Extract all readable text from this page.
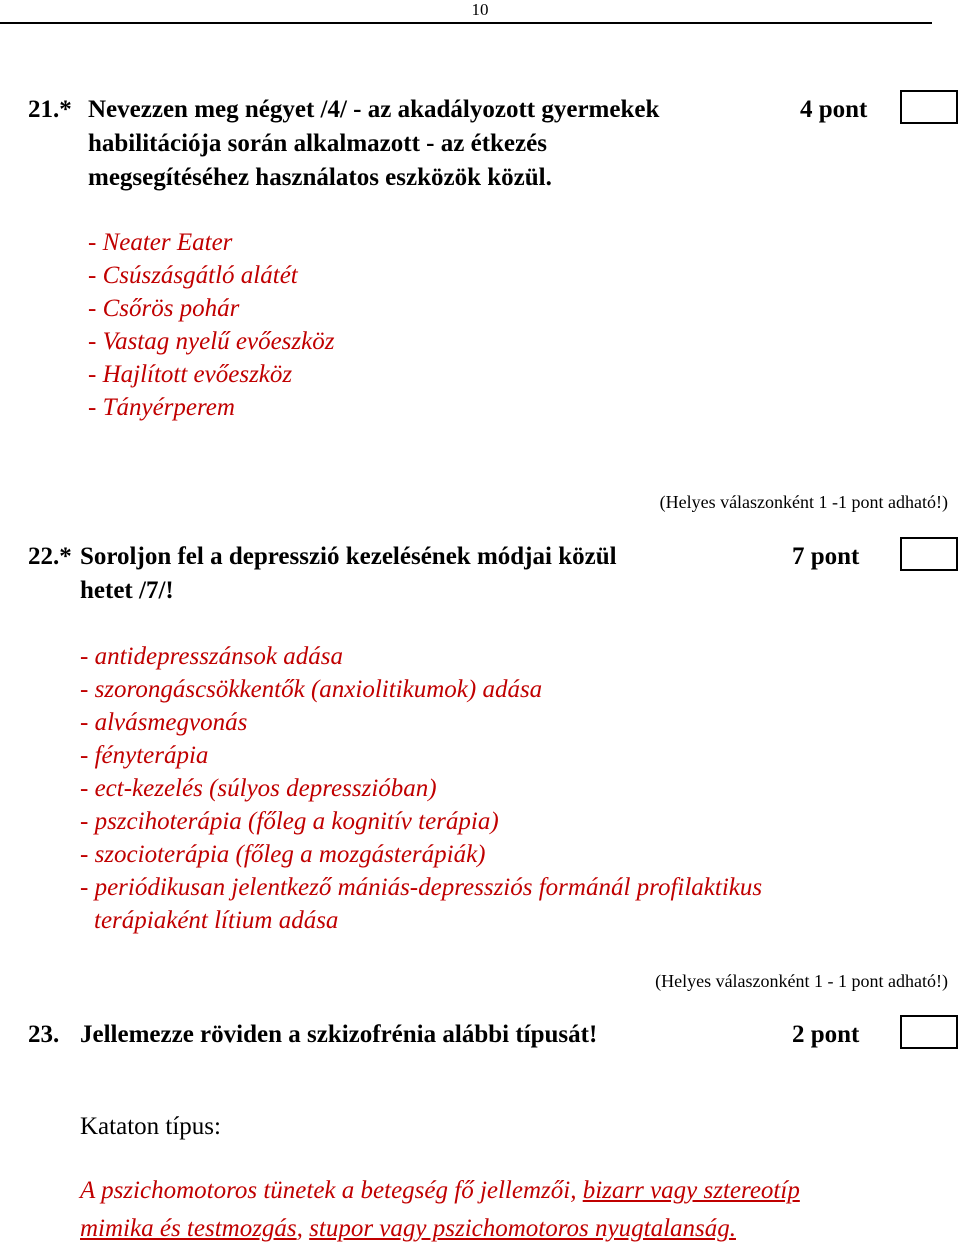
10
21.* Nevezzen meg négyet /4/ - az akadályozott gyermekek
habilitációja során alkalmazott - az étkezés
megsegítéséhez használatos eszközök közül.
4 pont
- Neater Eater
- Csúszásgátló alátét
- Csőrös pohár
- Vastag nyelű evőeszköz
- Hajlított evőeszköz
- Tányérperem
(Helyes válaszonként 1 -1 pont adható!)
22.* Soroljon fel a depresszió kezelésének módjai közül
hetet /7/!
7 pont
- antidepresszánsok adása
- szorongáscsökkentők (anxiolitikumok) adása
- alvásmegvonás
- fényterápia
- ect-kezelés (súlyos depresszióban)
- pszcihoterápia (főleg a kognitív terápia)
- szocioterápia (főleg a mozgásterápiák)
- periódikusan jelentkező mániás-depressziós formánál profilaktikus
terápiaként lítium adása
(Helyes válaszonként 1 - 1 pont adható!)
23. Jellemezze röviden a szkizofrénia alábbi típusát!	2 pont
Kataton típus:
A pszichomotoros tünetek a betegség fő jellemzői, bizarr vagy sztereotíp
mimika és testmozgás, stupor vagy pszichomotoros nyugtalanság.
